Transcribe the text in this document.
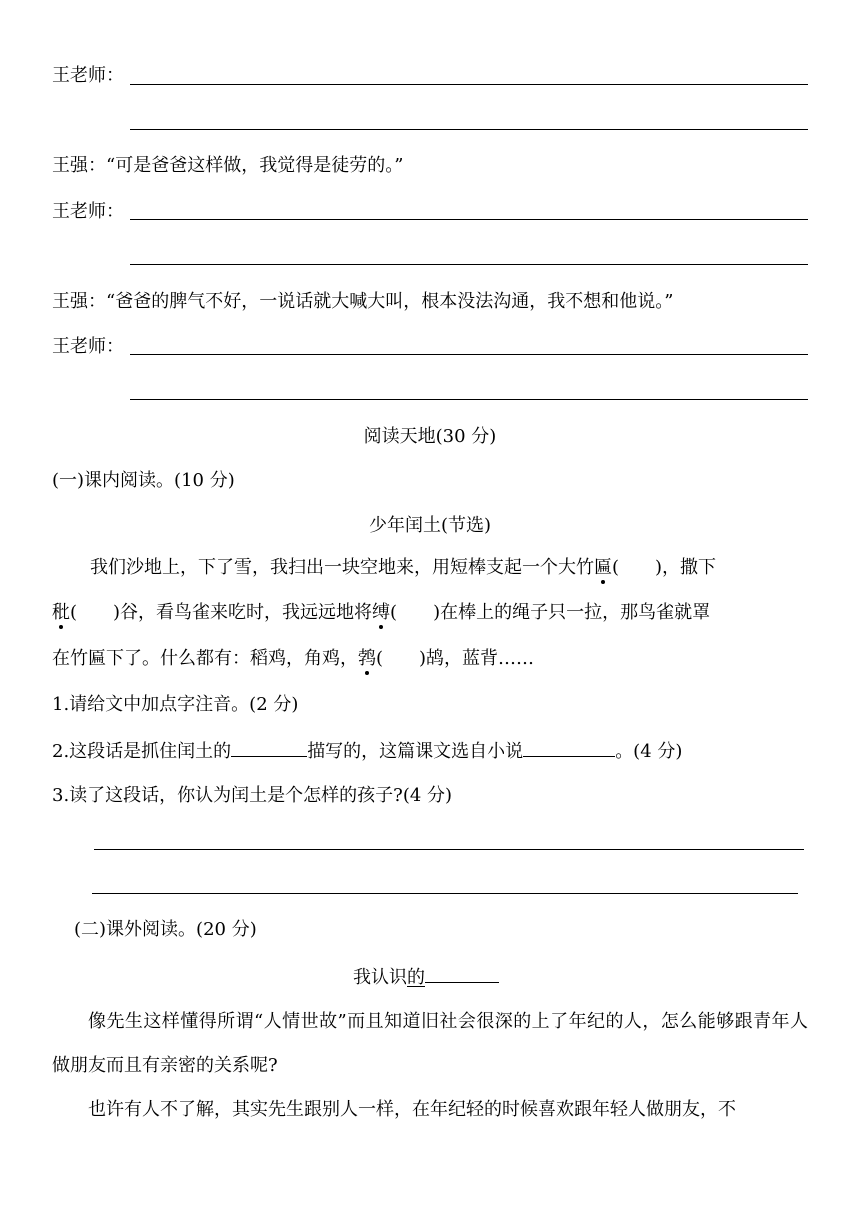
王老师：
王强：“可是爸爸这样做，我觉得是徒劳的。”
王老师：
王强：“爸爸的脾气不好，一说话就大喊大叫，根本没法沟通，我不想和他说。”
王老师：
阅读天地(30 分)
(一)课内阅读。(10 分)
少年闰土(节选)
我们沙地上，下了雪，我扫出一块空地来，用短棒支起一个大竹匾(　　)，撒下
秕(　　)谷，看鸟雀来吃时，我远远地将缚(　　)在棒上的绳子只一拉，那鸟雀就罩
在竹匾下了。什么都有：稻鸡，角鸡，鹁(　　)鸪，蓝背……
1.请给文中加点字注音。(2 分)
2.这段话是抓住闰土的	描写的，这篇课文选自小说	。(4 分)
3.读了这段话，你认为闰土是个怎样的孩子?(4 分)
(二)课外阅读。(20 分)
我认识的
像先生这样懂得所谓“人情世故”而且知道旧社会很深的上了年纪的人，怎么能够跟青年人做朋友而且有亲密的关系呢?
也许有人不了解，其实先生跟别人一样，在年纪轻的时候喜欢跟年轻人做朋友，不
